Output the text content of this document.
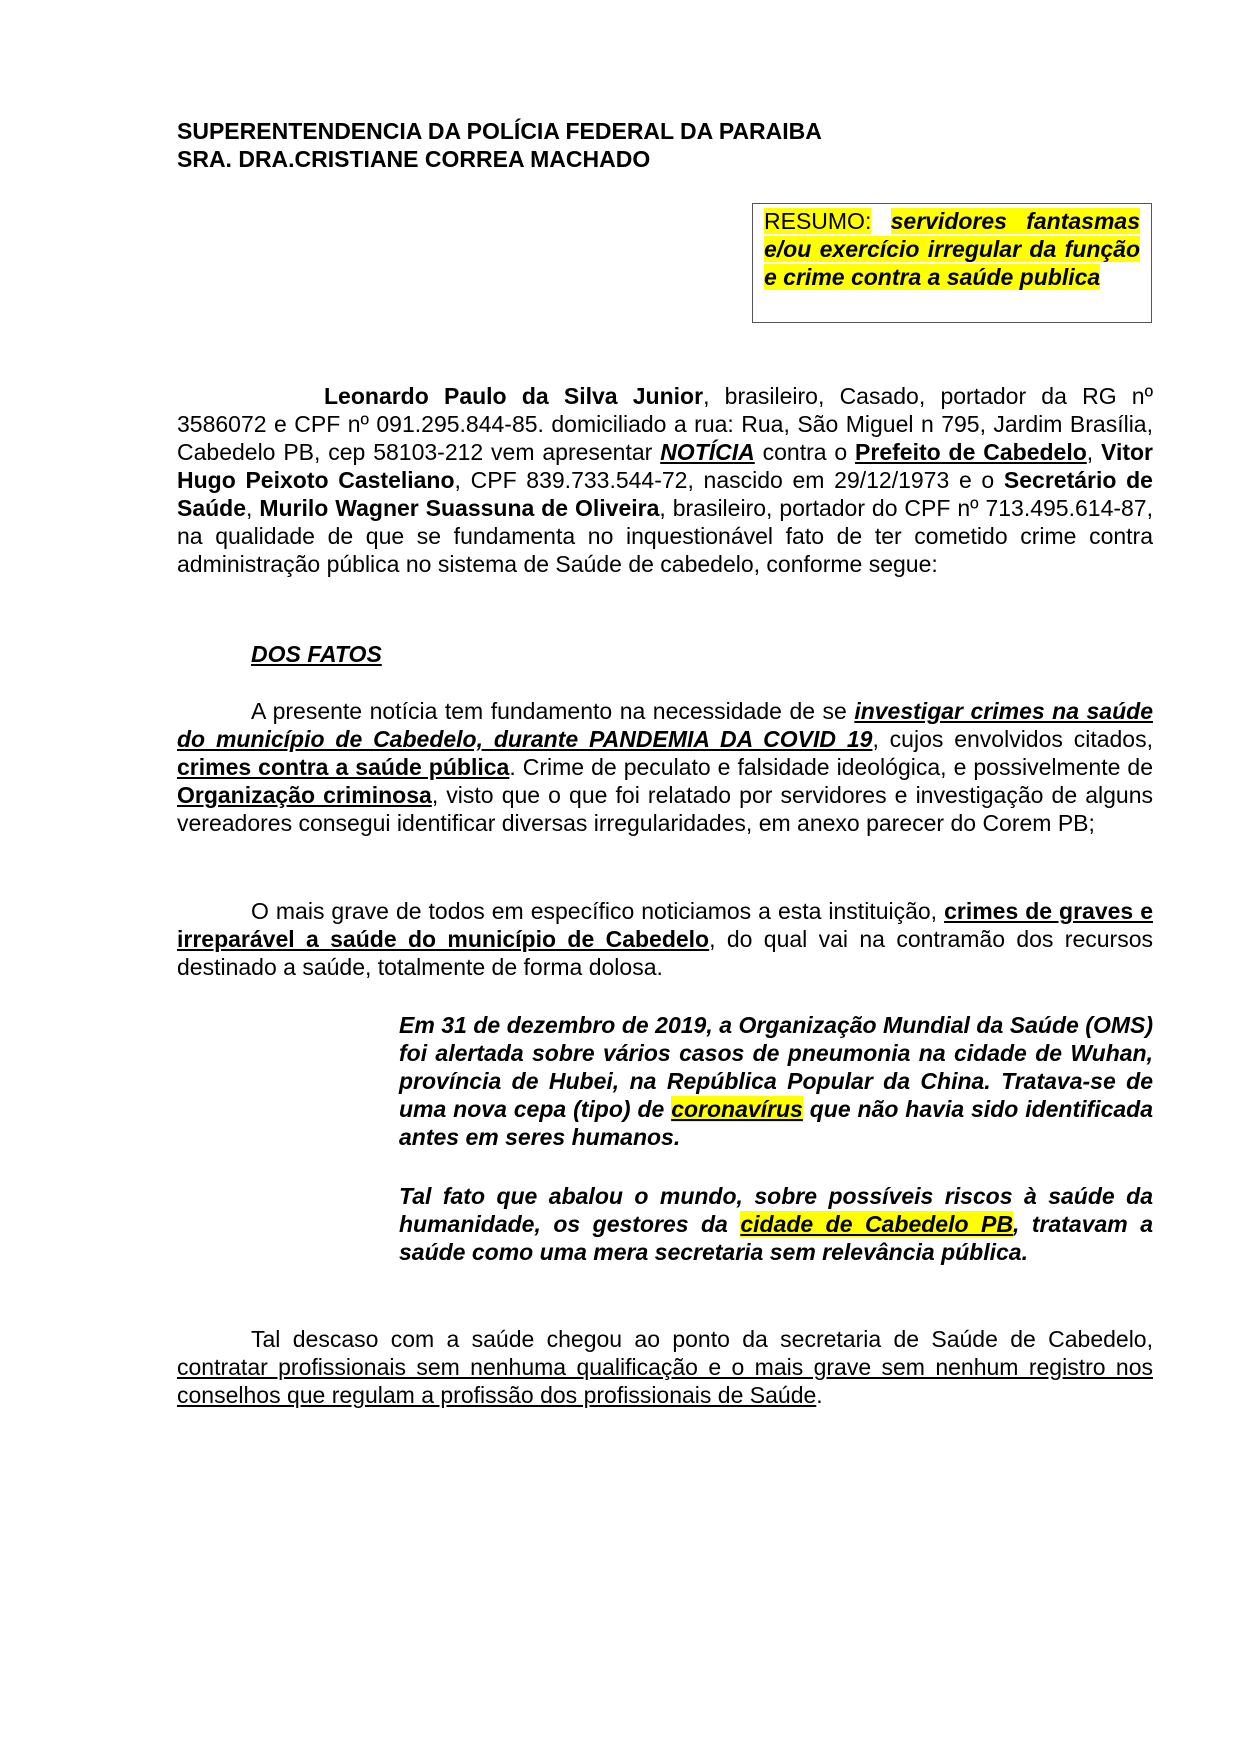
SUPERENTENDENCIA DA POLÍCIA FEDERAL DA PARAIBA
SRA. DRA.CRISTIANE CORREA MACHADO
RESUMO: servidores fantasmas e/ou exercício irregular da função e crime contra a saúde publica
Leonardo Paulo da Silva Junior, brasileiro, Casado, portador da RG nº 3586072 e CPF nº 091.295.844-85. domiciliado a rua: Rua, São Miguel n 795, Jardim Brasília, Cabedelo PB, cep 58103-212 vem apresentar NOTÍCIA contra o Prefeito de Cabedelo, Vitor Hugo Peixoto Casteliano, CPF 839.733.544-72, nascido em 29/12/1973 e o Secretário de Saúde, Murilo Wagner Suassuna de Oliveira, brasileiro, portador do CPF nº 713.495.614-87, na qualidade de que se fundamenta no inquestionável fato de ter cometido crime contra administração pública no sistema de Saúde de cabedelo, conforme segue:
DOS FATOS
A presente notícia tem fundamento na necessidade de se investigar crimes na saúde do município de Cabedelo, durante PANDEMIA DA COVID 19, cujos envolvidos citados, crimes contra a saúde pública. Crime de peculato e falsidade ideológica, e possivelmente de Organização criminosa, visto que o que foi relatado por servidores e investigação de alguns vereadores consegui identificar diversas irregularidades, em anexo parecer do Corem PB;
O mais grave de todos em específico noticiamos a esta instituição, crimes de graves e irreparável a saúde do município de Cabedelo, do qual vai na contramão dos recursos destinado a saúde, totalmente de forma dolosa.
Em 31 de dezembro de 2019, a Organização Mundial da Saúde (OMS) foi alertada sobre vários casos de pneumonia na cidade de Wuhan, província de Hubei, na República Popular da China. Tratava-se de uma nova cepa (tipo) de coronavírus que não havia sido identificada antes em seres humanos.
Tal fato que abalou o mundo, sobre possíveis riscos à saúde da humanidade, os gestores da cidade de Cabedelo PB, tratavam a saúde como uma mera secretaria sem relevância pública.
Tal descaso com a saúde chegou ao ponto da secretaria de Saúde de Cabedelo, contratar profissionais sem nenhuma qualificação e o mais grave sem nenhum registro nos conselhos que regulam a profissão dos profissionais de Saúde.
